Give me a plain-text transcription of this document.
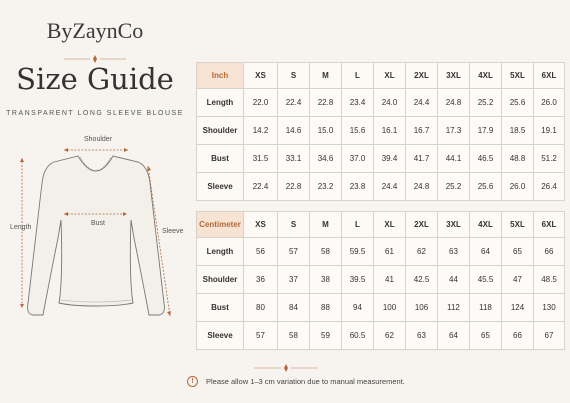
ByZaynCo
Size Guide
TRANSPARENT LONG SLEEVE BLOUSE
Shoulder
Bust
Length
Sleeve
Inch	XS	S	M	L	XL	2XL	3XL	4XL	5XL	6XL
Length	22.0	22.4	22.8	23.4	24.0	24.4	24.8	25.2	25.6	26.0
Shoulder	14.2	14.6	15.0	15.6	16.1	16.7	17.3	17.9	18.5	19.1
Bust	31.5	33.1	34.6	37.0	39.4	41.7	44.1	46.5	48.8	51.2
Sleeve	22.4	22.8	23.2	23.8	24.4	24.8	25.2	25.6	26.0	26.4
Centimeter	XS	S	M	L	XL	2XL	3XL	4XL	5XL	6XL
Length	56	57	58	59.5	61	62	63	64	65	66
Shoulder	36	37	38	39.5	41	42.5	44	45.5	47	48.5
Bust	80	84	88	94	100	106	112	118	124	130
Sleeve	57	58	59	60.5	62	63	64	65	66	67
!	Please allow 1–3 cm variation due to manual measurement.
